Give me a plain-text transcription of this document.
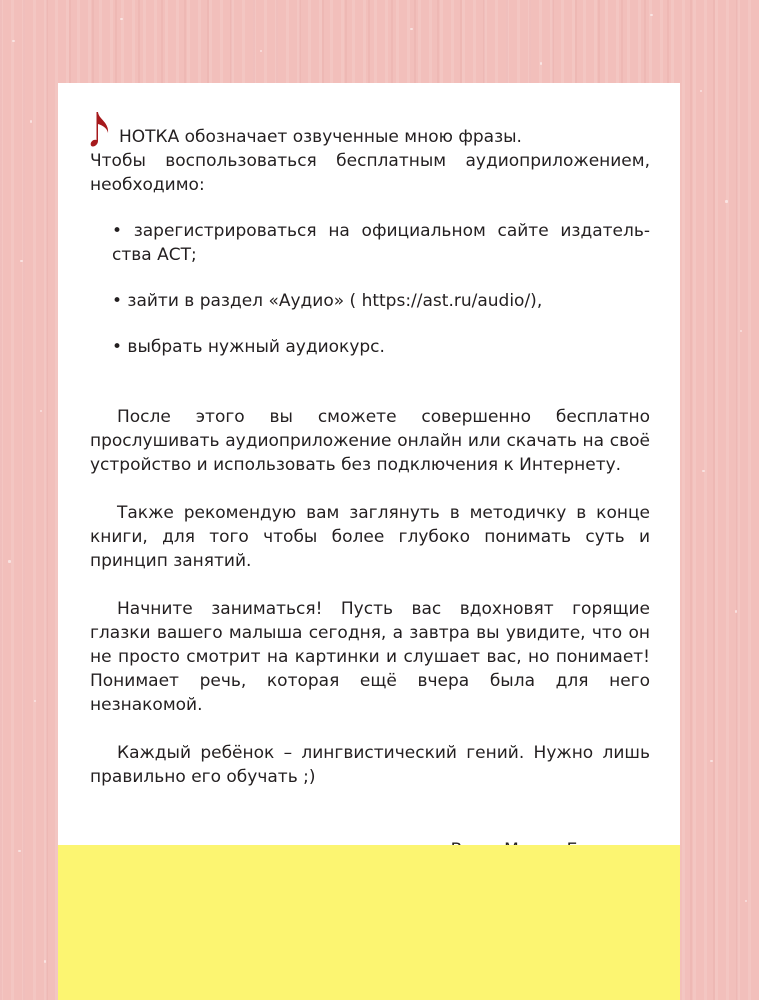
НОТКА обозначает озвученные мною фразы.

Чтобы воспользоваться бесплатным аудиоприложением,

необходимо:

• зарегистрироваться на официальном сайте издатель-

ства АСТ;

• зайти в раздел «Аудио» ( https://ast.ru/audio/),

• выбрать нужный аудиокурс.

После этого вы сможете совершенно бесплатно прослушивать аудиоприложение онлайн или скачать на своё устройство и использовать без подключения к Интернету.

Также рекомендую вам заглянуть в методичку в конце книги, для того чтобы более глубоко понимать суть и принцип занятий.

Начните заниматься! Пусть вас вдохновят горящие глазки вашего малыша сегодня, а завтра вы увидите, что он не просто смотрит на картинки и слушает вас, но понимает! Понимает речь, которая ещё вчера была для него незнакомой.

Каждый ребёнок – лингвистический гений. Нужно лишь правильно его обучать ;)
